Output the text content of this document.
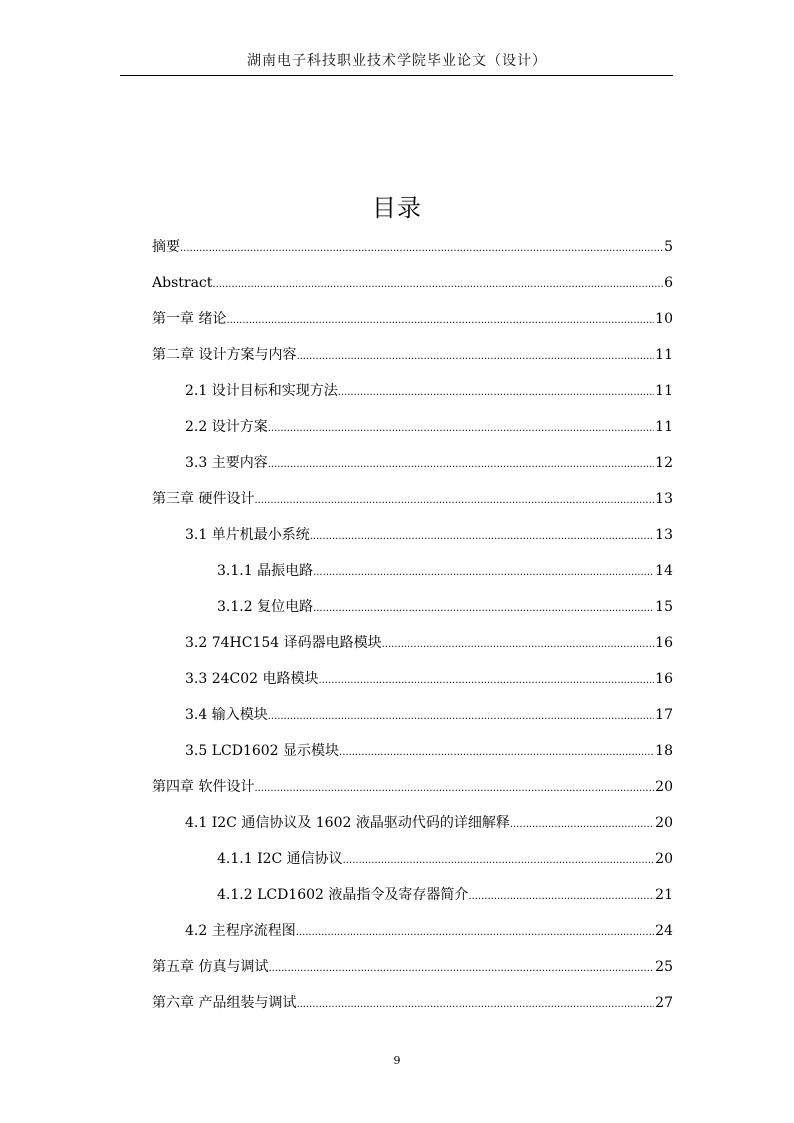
湖南电子科技职业技术学院毕业论文（设计）
目录
摘要 .....	5
Abstract .....	6
第一章 绪论 .....	10
第二章 设计方案与内容 .....	11
2.1 设计目标和实现方法 .....	11
2.2 设计方案 .....	11
3.3 主要内容 .....	12
第三章 硬件设计 .....	13
3.1 单片机最小系统 .....	13
3.1.1 晶振电路 .....	14
3.1.2 复位电路 .....	15
3.2 74HC154 译码器电路模块 .....	16
3.3 24C02 电路模块 .....	16
3.4 输入模块 .....	17
3.5 LCD1602 显示模块 .....	18
第四章 软件设计 .....	20
4.1 I2C 通信协议及 1602 液晶驱动代码的详细解释 .....	20
4.1.1 I2C 通信协议 .....	20
4.1.2 LCD1602 液晶指令及寄存器简介 .....	21
4.2 主程序流程图 .....	24
第五章 仿真与调试 .....	25
第六章 产品组装与调试 .....	27
9
